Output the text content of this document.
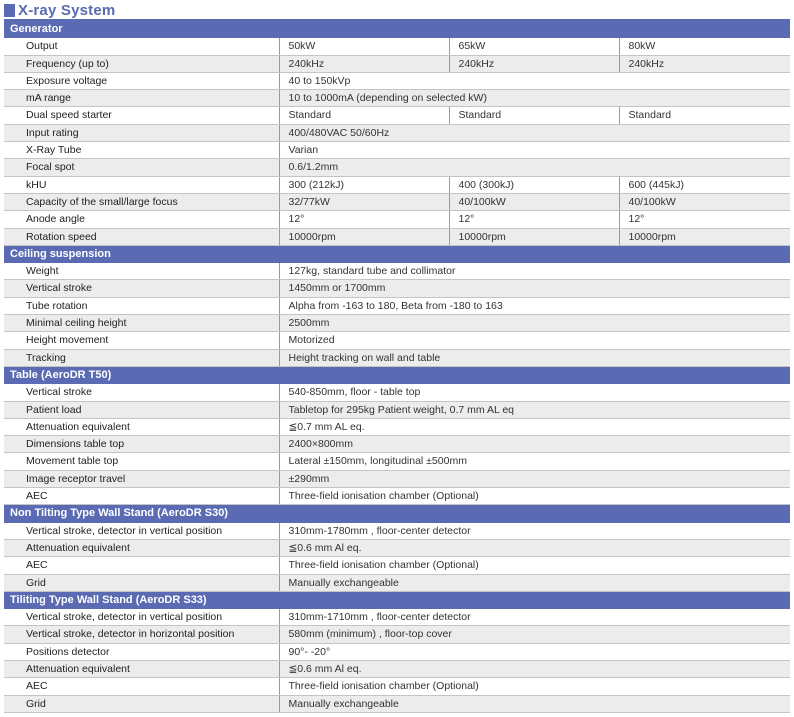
X-ray System
Generator			
Output	50kW	65kW	80kW
Frequency (up to)	240kHz	240kHz	240kHz
Exposure voltage	40 to 150kVp		
mA range	10 to 1000mA (depending on selected kW)		
Dual speed starter	Standard	Standard	Standard
Input rating	400/480VAC 50/60Hz		
X-Ray Tube	Varian		
Focal spot	0.6/1.2mm		
kHU	300 (212kJ)	400 (300kJ)	600 (445kJ)
Capacity of the small/large focus	32/77kW	40/100kW	40/100kW
Anode angle	12°	12°	12°
Rotation speed	10000rpm	10000rpm	10000rpm
Ceiling suspension			
Weight	127kg, standard tube and collimator		
Vertical stroke	1450mm or 1700mm		
Tube rotation	Alpha from -163 to 180, Beta from -180 to 163		
Minimal ceiling height	2500mm		
Height movement	Motorized		
Tracking	Height tracking on wall and table		
Table (AeroDR T50)			
Vertical stroke	540-850mm, floor - table top		
Patient load	Tabletop for 295kg Patient weight, 0.7 mm AL eq		
Attenuation equivalent	≦0.7 mm AL eq.		
Dimensions table top	2400×800mm		
Movement table top	Lateral ±150mm, longitudinal ±500mm		
Image receptor travel	±290mm		
AEC	Three-field ionisation chamber (Optional)		
Non Tilting Type Wall Stand (AeroDR S30)			
Vertical stroke, detector in vertical position	310mm-1780mm , floor-center detector		
Attenuation equivalent	≦0.6 mm Al eq.		
AEC	Three-field ionisation chamber (Optional)		
Grid	Manually exchangeable		
Tiliting Type Wall Stand (AeroDR S33)			
Vertical stroke, detector in vertical position	310mm-1710mm , floor-center detector		
Vertical stroke, detector in horizontal position	580mm (minimum) , floor-top cover		
Positions detector	90°- -20°		
Attenuation equivalent	≦0.6 mm Al eq.		
AEC	Three-field ionisation chamber (Optional)		
Grid	Manually exchangeable		
